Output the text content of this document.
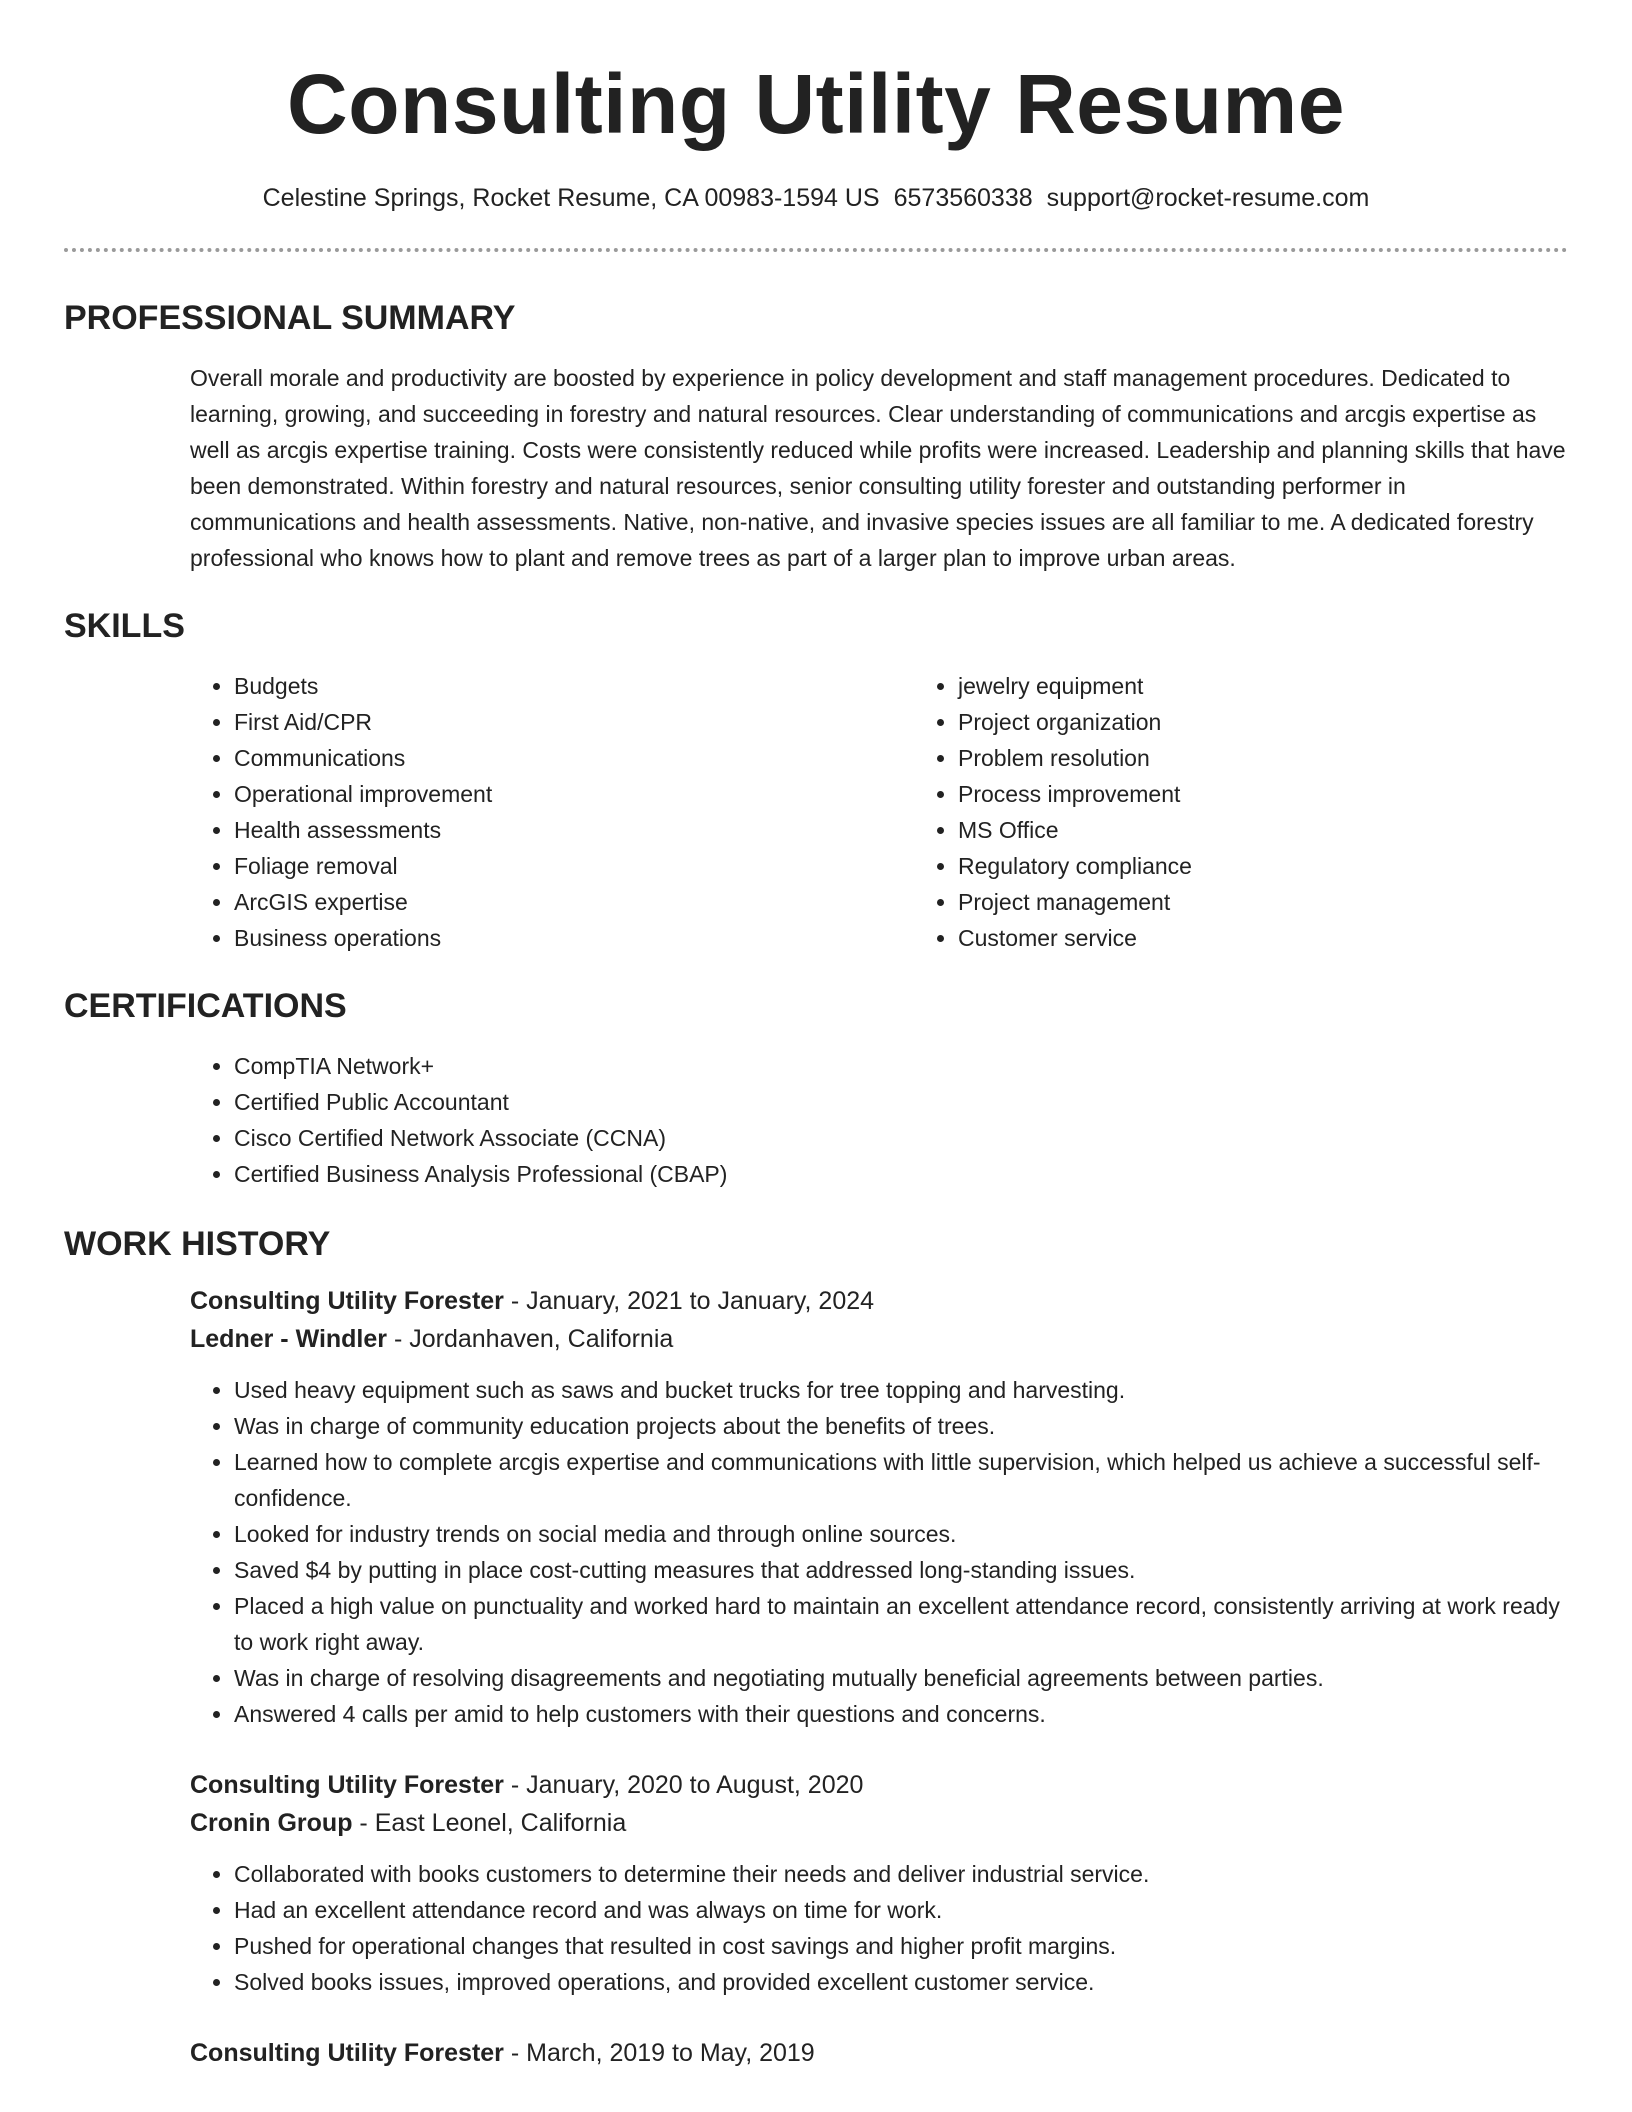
Consulting Utility Resume
Celestine Springs, Rocket Resume, CA 00983-1594 US 6573560338 support@rocket-resume.com
PROFESSIONAL SUMMARY
Overall morale and productivity are boosted by experience in policy development and staff management procedures. Dedicated to learning, growing, and succeeding in forestry and natural resources. Clear understanding of communications and arcgis expertise as well as arcgis expertise training. Costs were consistently reduced while profits were increased. Leadership and planning skills that have been demonstrated. Within forestry and natural resources, senior consulting utility forester and outstanding performer in communications and health assessments. Native, non-native, and invasive species issues are all familiar to me. A dedicated forestry professional who knows how to plant and remove trees as part of a larger plan to improve urban areas.
SKILLS
• Budgets
• First Aid/CPR
• Communications
• Operational improvement
• Health assessments
• Foliage removal
• ArcGIS expertise
• Business operations
• jewelry equipment
• Project organization
• Problem resolution
• Process improvement
• MS Office
• Regulatory compliance
• Project management
• Customer service
CERTIFICATIONS
• CompTIA Network+
• Certified Public Accountant
• Cisco Certified Network Associate (CCNA)
• Certified Business Analysis Professional (CBAP)
WORK HISTORY
Consulting Utility Forester - January, 2021 to January, 2024
Ledner - Windler - Jordanhaven, California
• Used heavy equipment such as saws and bucket trucks for tree topping and harvesting.
• Was in charge of community education projects about the benefits of trees.
• Learned how to complete arcgis expertise and communications with little supervision, which helped us achieve a successful self-confidence.
• Looked for industry trends on social media and through online sources.
• Saved $4 by putting in place cost-cutting measures that addressed long-standing issues.
• Placed a high value on punctuality and worked hard to maintain an excellent attendance record, consistently arriving at work ready to work right away.
• Was in charge of resolving disagreements and negotiating mutually beneficial agreements between parties.
• Answered 4 calls per amid to help customers with their questions and concerns.
Consulting Utility Forester - January, 2020 to August, 2020
Cronin Group - East Leonel, California
• Collaborated with books customers to determine their needs and deliver industrial service.
• Had an excellent attendance record and was always on time for work.
• Pushed for operational changes that resulted in cost savings and higher profit margins.
• Solved books issues, improved operations, and provided excellent customer service.
Consulting Utility Forester - March, 2019 to May, 2019
